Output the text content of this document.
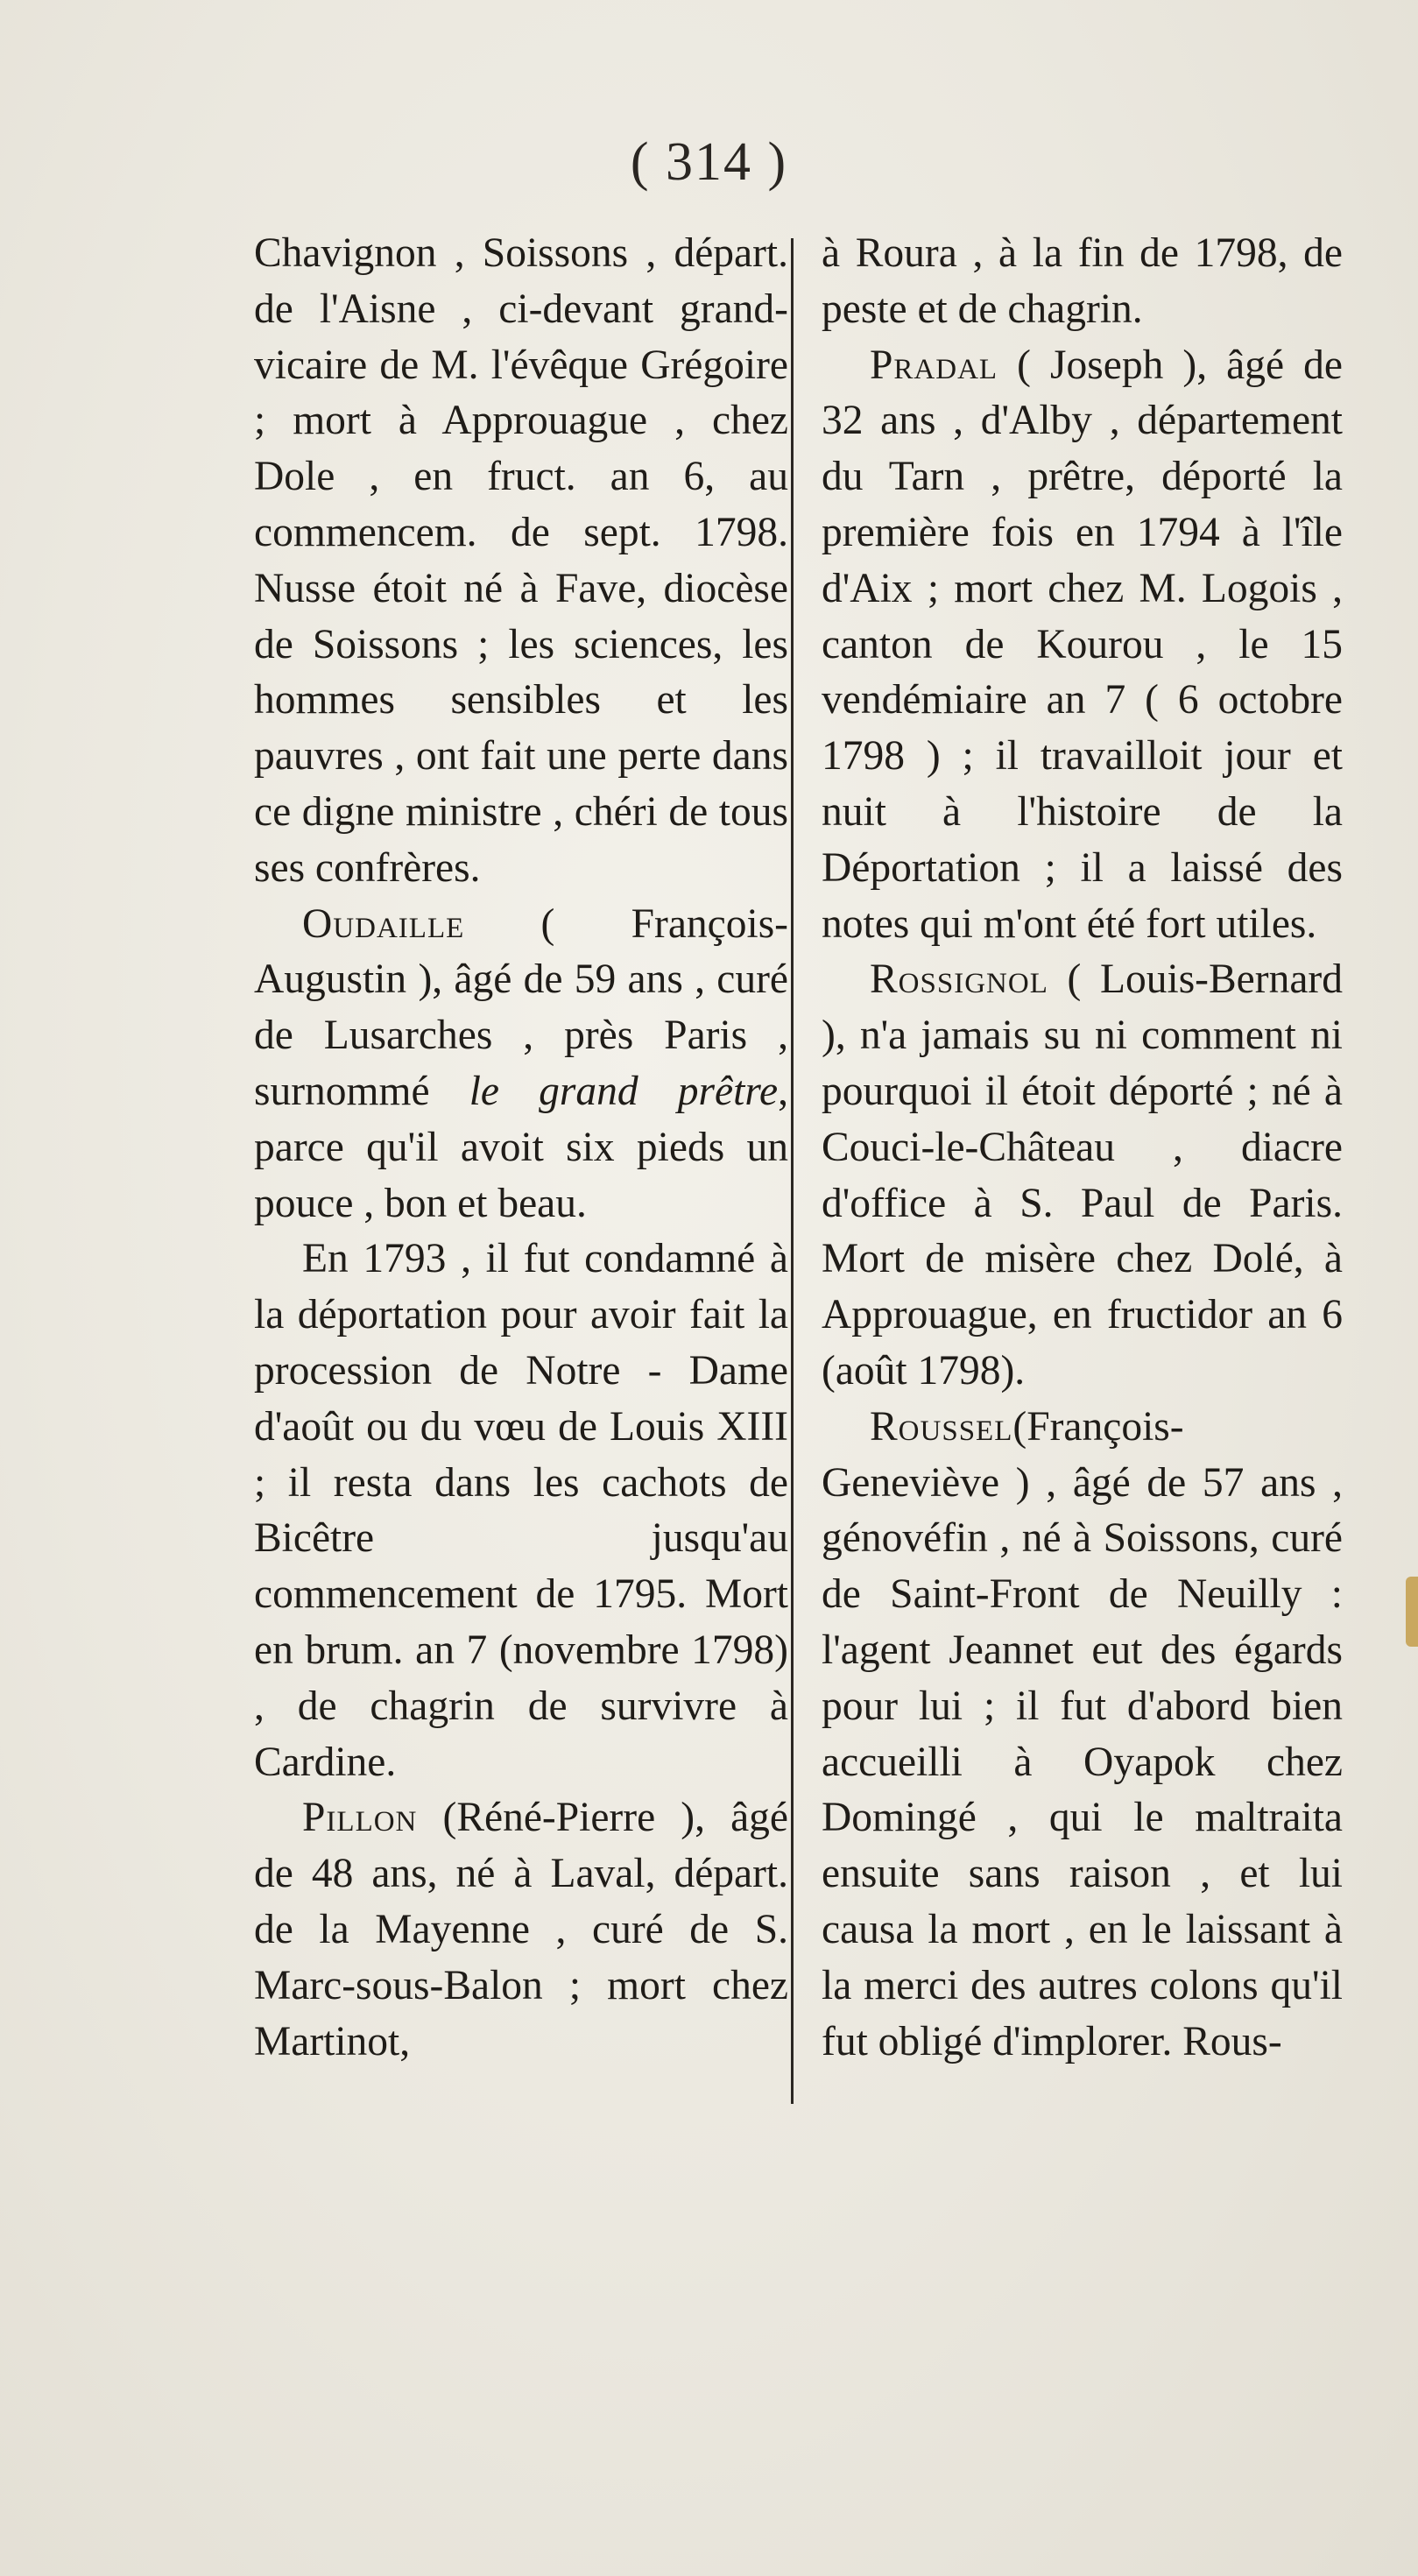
( 314 )

Chavignon , Soissons , départ. de l'Aisne , ci-devant grand-vicaire de M. l'évêque Grégoire ; mort à Approuague , chez Dole , en fruct. an 6, au commencem. de sept. 1798. Nusse étoit né à Fave, diocèse de Soissons ; les sciences, les hommes sensibles et les pauvres , ont fait une perte dans ce digne ministre , chéri de tous ses confrères.

Oudaille ( François-Augustin ), âgé de 59 ans , curé de Lusarches , près Paris , surnommé le grand prêtre, parce qu'il avoit six pieds un pouce , bon et beau.

En 1793 , il fut condamné à la déportation pour avoir fait la procession de Notre - Dame d'août ou du vœu de Louis XIII ; il resta dans les cachots de Bicêtre jusqu'au commencement de 1795. Mort en brum. an 7 (novembre 1798) , de chagrin de survivre à Cardine.

Pillon (Réné-Pierre ), âgé de 48 ans, né à Laval, départ. de la Mayenne , curé de S. Marc-sous-Balon ; mort chez Martinot,

à Roura , à la fin de 1798, de peste et de chagrin.

Pradal ( Joseph ), âgé de 32 ans , d'Alby , département du Tarn , prêtre, déporté la première fois en 1794 à l'île d'Aix ; mort chez M. Logois , canton de Kourou , le 15 vendémiaire an 7 ( 6 octobre 1798 ) ; il travailloit jour et nuit à l'histoire de la Déportation ; il a laissé des notes qui m'ont été fort utiles.

Rossignol ( Louis-Bernard ), n'a jamais su ni comment ni pourquoi il étoit déporté ; né à Couci-le-Château , diacre d'office à S. Paul de Paris. Mort de misère chez Dolé, à Approuague, en fructidor an 6 (août 1798).

Roussel(François-Geneviève ) , âgé de 57 ans , génovéfin , né à Soissons, curé de Saint-Front de Neuilly : l'agent Jeannet eut des égards pour lui ; il fut d'abord bien accueilli à Oyapok chez Domingé , qui le maltraita ensuite sans raison , et lui causa la mort , en le laissant à la merci des autres colons qu'il fut obligé d'implorer. Rous-
